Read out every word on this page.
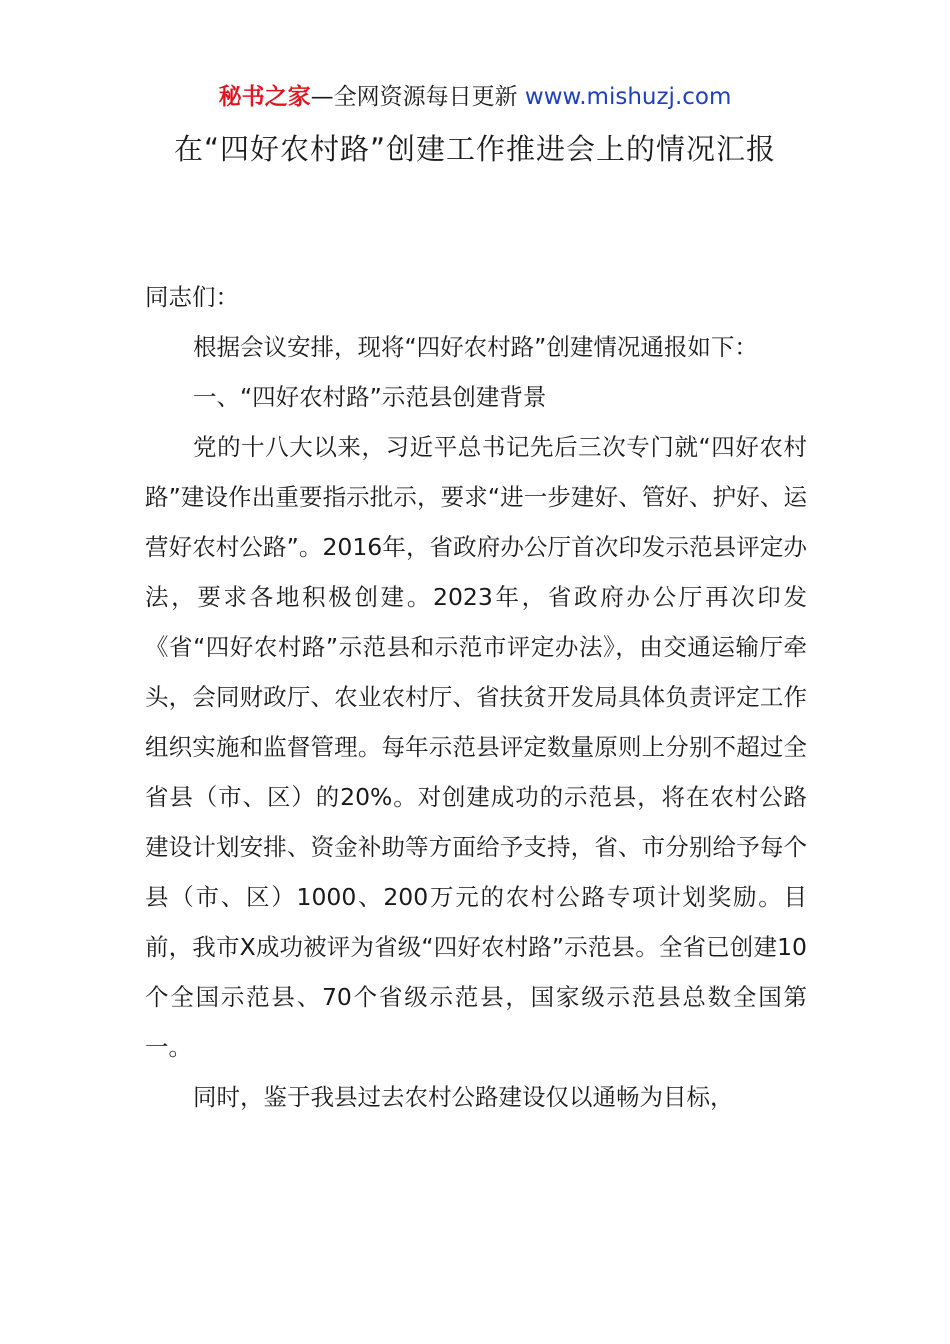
秘书之家—全网资源每日更新 www.mishuzj.com
在“四好农村路”创建工作推进会上的情况汇报

同志们：

根据会议安排，现将“四好农村路”创建情况通报如下：

一、“四好农村路”示范县创建背景

党的十八大以来，习近平总书记先后三次专门就“四好农村路”建设作出重要指示批示，要求“进一步建好、管好、护好、运营好农村公路”。2016年，省政府办公厅首次印发示范县评定办法，要求各地积极创建。2023年，省政府办公厅再次印发《省“四好农村路”示范县和示范市评定办法》，由交通运输厅牵头，会同财政厅、农业农村厅、省扶贫开发局具体负责评定工作组织实施和监督管理。每年示范县评定数量原则上分别不超过全省县（市、区）的20%。对创建成功的示范县，将在农村公路建设计划安排、资金补助等方面给予支持，省、市分别给予每个县（市、区）1000、200万元的农村公路专项计划奖励。目前，我市X成功被评为省级“四好农村路”示范县。全省已创建10个全国示范县、70个省级示范县，国家级示范县总数全国第一。

同时，鉴于我县过去农村公路建设仅以通畅为目标，
